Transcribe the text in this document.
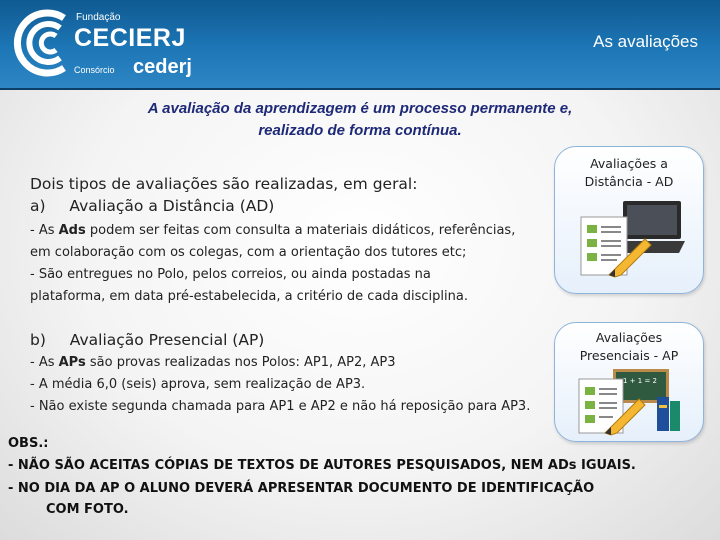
Fundação
CECIERJ
Consórcio cederj
As avaliações
A avaliação da aprendizagem é um processo permanente e,
realizado de forma contínua.
Dois tipos de avaliações são realizadas, em geral:
a) Avaliação a Distância (AD)
- As Ads podem ser feitas com consulta a materiais didáticos, referências,
em colaboração com os colegas, com a orientação dos tutores etc;
- São entregues no Polo, pelos correios, ou ainda postadas na
plataforma, em data pré-estabelecida, a critério de cada disciplina.
Avaliações a
Distância - AD
b) Avaliação Presencial (AP)
- As APs são provas realizadas nos Polos: AP1, AP2, AP3
- A média 6,0 (seis) aprova, sem realização de AP3.
- Não existe segunda chamada para AP1 e AP2 e não há reposição para AP3.
Avaliações
Presenciais - AP
1 + 1 = 2
OBS.:
- NÃO SÃO ACEITAS CÓPIAS DE TEXTOS DE AUTORES PESQUISADOS, NEM ADs IGUAIS.
- NO DIA DA AP O ALUNO DEVERÁ APRESENTAR DOCUMENTO DE IDENTIFICAÇÃO
COM FOTO.
